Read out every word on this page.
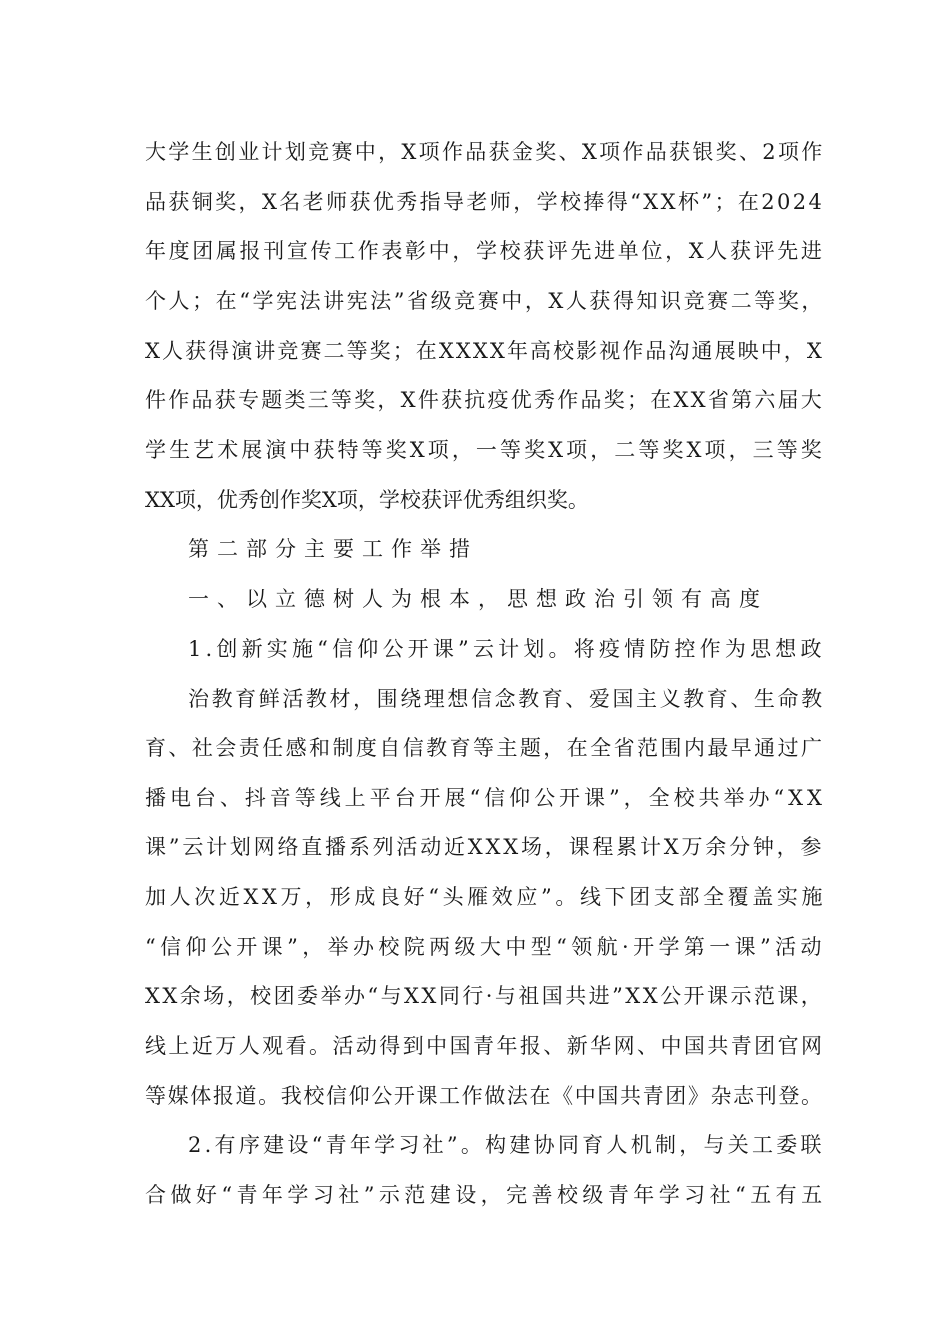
大学生创业计划竞赛中，X项作品获金奖、X项作品获银奖、2项作

品获铜奖，X名老师获优秀指导老师，学校捧得“XX杯”；在2024

年度团属报刊宣传工作表彰中，学校获评先进单位，X人获评先进

个人；在“学宪法讲宪法”省级竞赛中，X人获得知识竞赛二等奖，

X人获得演讲竞赛二等奖；在XXXX年高校影视作品沟通展映中，X

件作品获专题类三等奖，X件获抗疫优秀作品奖；在XX省第六届大

学生艺术展演中获特等奖X项，一等奖X项，二等奖X项，三等奖

XX项，优秀创作奖X项，学校获评优秀组织奖。

第二部分主要工作举措

一、以立德树人为根本，思想政治引领有高度

1.创新实施“信仰公开课”云计划。将疫情防控作为思想政

治教育鲜活教材，围绕理想信念教育、爱国主义教育、生命教

育、社会责任感和制度自信教育等主题，在全省范围内最早通过广

播电台、抖音等线上平台开展“信仰公开课”，全校共举办“XX

课”云计划网络直播系列活动近XXX场，课程累计X万余分钟，参

加人次近XX万，形成良好“头雁效应”。线下团支部全覆盖实施

“信仰公开课”，举办校院两级大中型“领航·开学第一课”活动

XX余场，校团委举办“与XX同行·与祖国共进”XX公开课示范课，

线上近万人观看。活动得到中国青年报、新华网、中国共青团官网

等媒体报道。我校信仰公开课工作做法在《中国共青团》杂志刊登。

2.有序建设“青年学习社”。构建协同育人机制，与关工委联

合做好“青年学习社”示范建设，完善校级青年学习社“五有五
